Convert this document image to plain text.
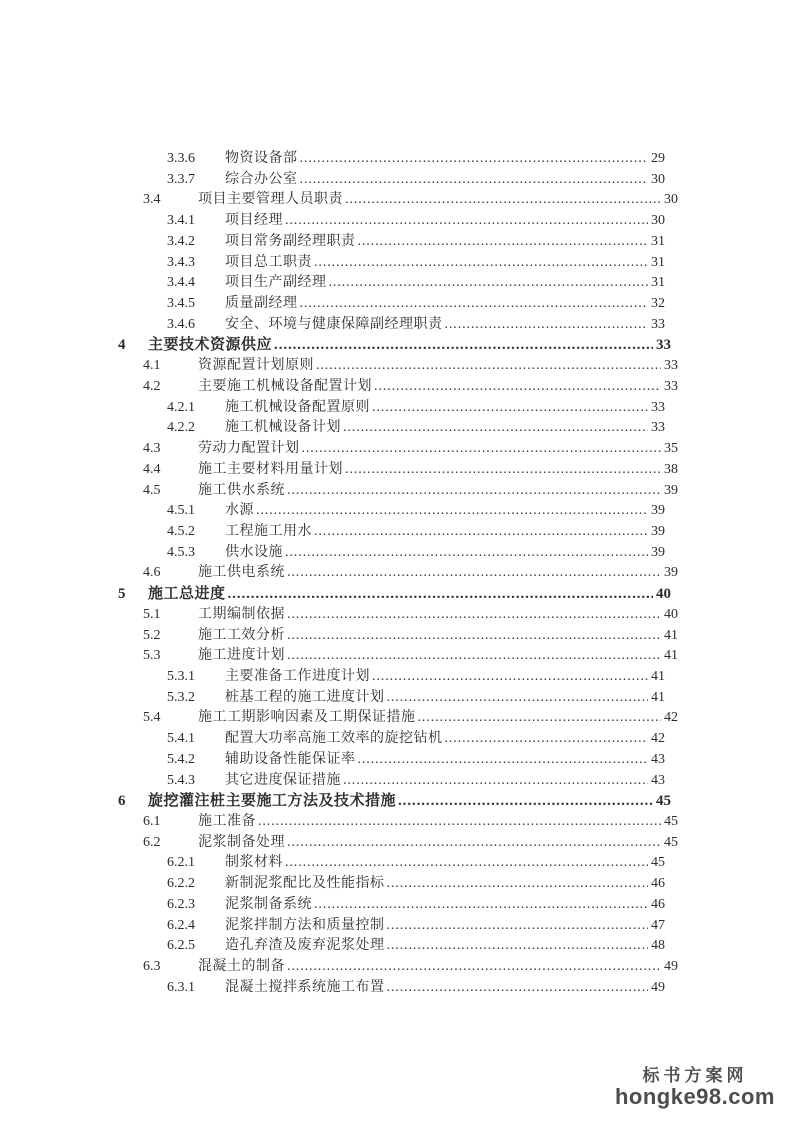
3.3.6	物资设备部 .....	29
3.3.7	综合办公室 .....	30
3.4	项目主要管理人员职责 .....	30
3.4.1	项目经理 .....	30
3.4.2	项目常务副经理职责 .....	31
3.4.3	项目总工职责 .....	31
3.4.4	项目生产副经理 .....	31
3.4.5	质量副经理 .....	32
3.4.6	安全、环境与健康保障副经理职责 .....	33
4	主要技术资源供应 .....	33
4.1	资源配置计划原则 .....	33
4.2	主要施工机械设备配置计划 .....	33
4.2.1	施工机械设备配置原则 .....	33
4.2.2	施工机械设备计划 .....	33
4.3	劳动力配置计划 .....	35
4.4	施工主要材料用量计划 .....	38
4.5	施工供水系统 .....	39
4.5.1	水源 .....	39
4.5.2	工程施工用水 .....	39
4.5.3	供水设施 .....	39
4.6	施工供电系统 .....	39
5	施工总进度 .....	40
5.1	工期编制依据 .....	40
5.2	施工工效分析 .....	41
5.3	施工进度计划 .....	41
5.3.1	主要准备工作进度计划 .....	41
5.3.2	桩基工程的施工进度计划 .....	41
5.4	施工工期影响因素及工期保证措施 .....	42
5.4.1	配置大功率高施工效率的旋挖钻机 .....	42
5.4.2	辅助设备性能保证率 .....	43
5.4.3	其它进度保证措施 .....	43
6	旋挖灌注桩主要施工方法及技术措施 .....	45
6.1	施工准备 .....	45
6.2	泥浆制备处理 .....	45
6.2.1	制浆材料 .....	45
6.2.2	新制泥浆配比及性能指标 .....	46
6.2.3	泥浆制备系统 .....	46
6.2.4	泥浆拌制方法和质量控制 .....	47
6.2.5	造孔弃渣及废弃泥浆处理 .....	48
6.3	混凝土的制备 .....	49
6.3.1	混凝土搅拌系统施工布置 .....	49
标书方案网
hongke98.com
